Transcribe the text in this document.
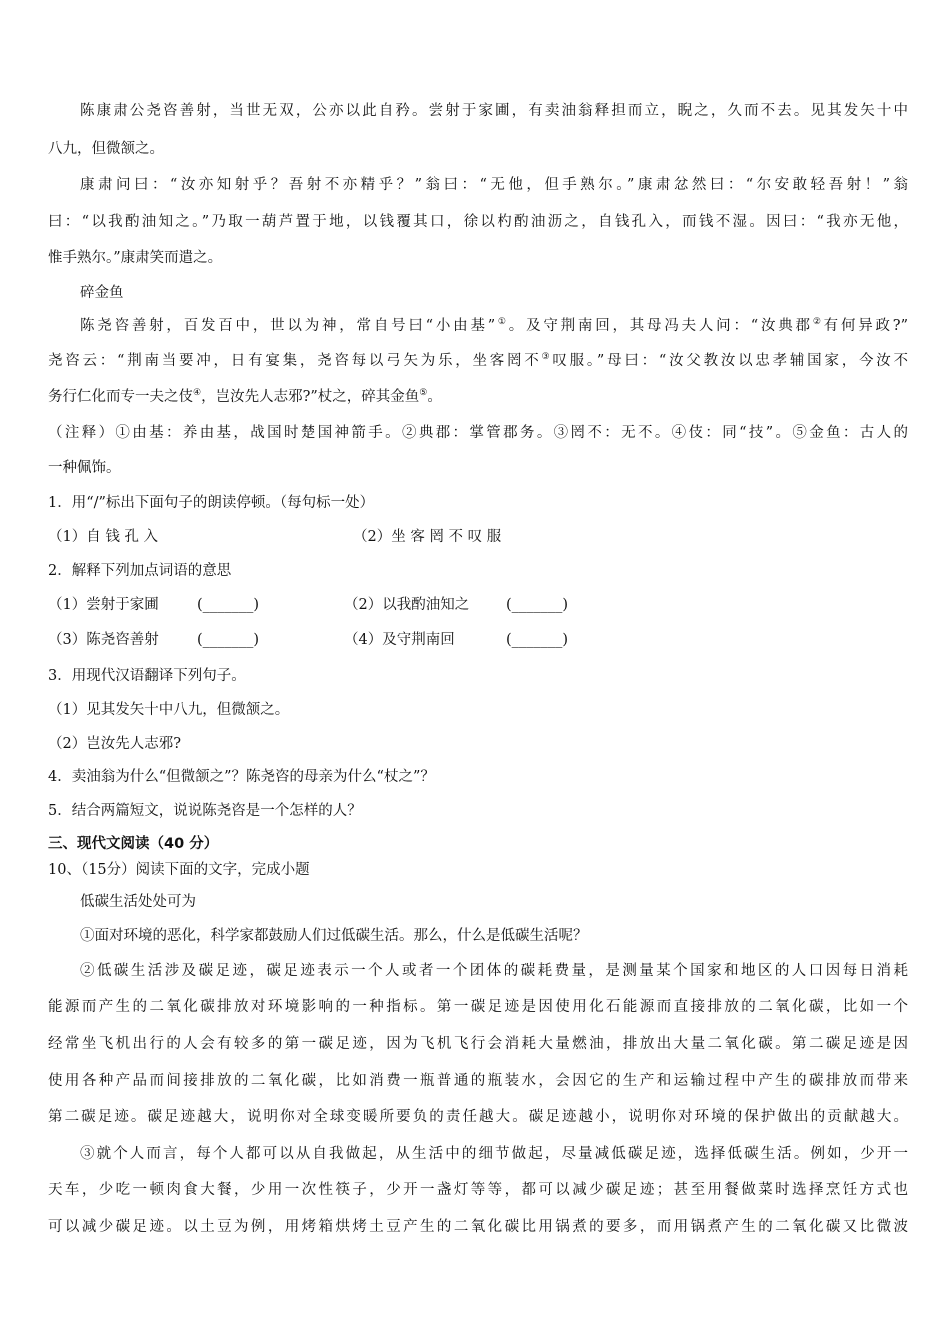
陈康肃公尧咨善射，当世无双，公亦以此自矜。尝射于家圃，有卖油翁释担而立，睨之，久而不去。见其发矢十中
八九，但微颔之。
康肃问曰：“汝亦知射乎？吾射不亦精乎？”翁曰：“无他，但手熟尔。”康肃忿然曰：“尔安敢轻吾射！”翁
曰：“以我酌油知之。”乃取一葫芦置于地，以钱覆其口，徐以杓酌油沥之，自钱孔入，而钱不湿。因曰：“我亦无他，
惟手熟尔。”康肃笑而遣之。
碎金鱼
陈尧咨善射，百发百中，世以为神，常自号曰“小由基”①。及守荆南回，其母冯夫人问：“汝典郡②有何异政?”
尧咨云：“荆南当要冲，日有宴集，尧咨每以弓矢为乐，坐客罔不③叹服。”母曰：“汝父教汝以忠孝辅国家，今汝不
务行仁化而专一夫之伎④，岂汝先人志邪?”杖之，碎其金鱼⑤。
（注释）①由基：养由基，战国时楚国神箭手。②典郡：掌管郡务。③罔不：无不。④伎：同“技”。⑤金鱼：古人的
一种佩饰。
1．用“/”标出下面句子的朗读停顿。（每句标一处）
（1）自 钱 孔 入	（2）坐 客 罔 不 叹 服
2．解释下列加点词语的意思
（1）尝射于家圃	(_______)	（2）以我酌油知之	(_______)
（3）陈尧咨善射	(_______)	（4）及守荆南回	(_______)
3．用现代汉语翻译下列句子。
（1）见其发矢十中八九，但微颔之。
（2）岂汝先人志邪?
4．卖油翁为什么“但微颔之”？陈尧咨的母亲为什么“杖之”？
5．结合两篇短文，说说陈尧咨是一个怎样的人？
三、现代文阅读（40 分）
10、（15分）阅读下面的文字，完成小题
低碳生活处处可为
①面对环境的恶化，科学家都鼓励人们过低碳生活。那么，什么是低碳生活呢？
②低碳生活涉及碳足迹，碳足迹表示一个人或者一个团体的碳耗费量，是测量某个国家和地区的人口因每日消耗
能源而产生的二氧化碳排放对环境影响的一种指标。第一碳足迹是因使用化石能源而直接排放的二氧化碳，比如一个
经常坐飞机出行的人会有较多的第一碳足迹，因为飞机飞行会消耗大量燃油，排放出大量二氧化碳。第二碳足迹是因
使用各种产品而间接排放的二氧化碳，比如消费一瓶普通的瓶装水，会因它的生产和运输过程中产生的碳排放而带来
第二碳足迹。碳足迹越大，说明你对全球变暖所要负的责任越大。碳足迹越小，说明你对环境的保护做出的贡献越大。
③就个人而言，每个人都可以从自我做起，从生活中的细节做起，尽量减低碳足迹，选择低碳生活。例如，少开一
天车，少吃一顿肉食大餐，少用一次性筷子，少开一盏灯等等，都可以减少碳足迹；甚至用餐做菜时选择烹饪方式也
可以减少碳足迹。以土豆为例，用烤箱烘烤土豆产生的二氧化碳比用锅煮的要多，而用锅煮产生的二氧化碳又比微波
